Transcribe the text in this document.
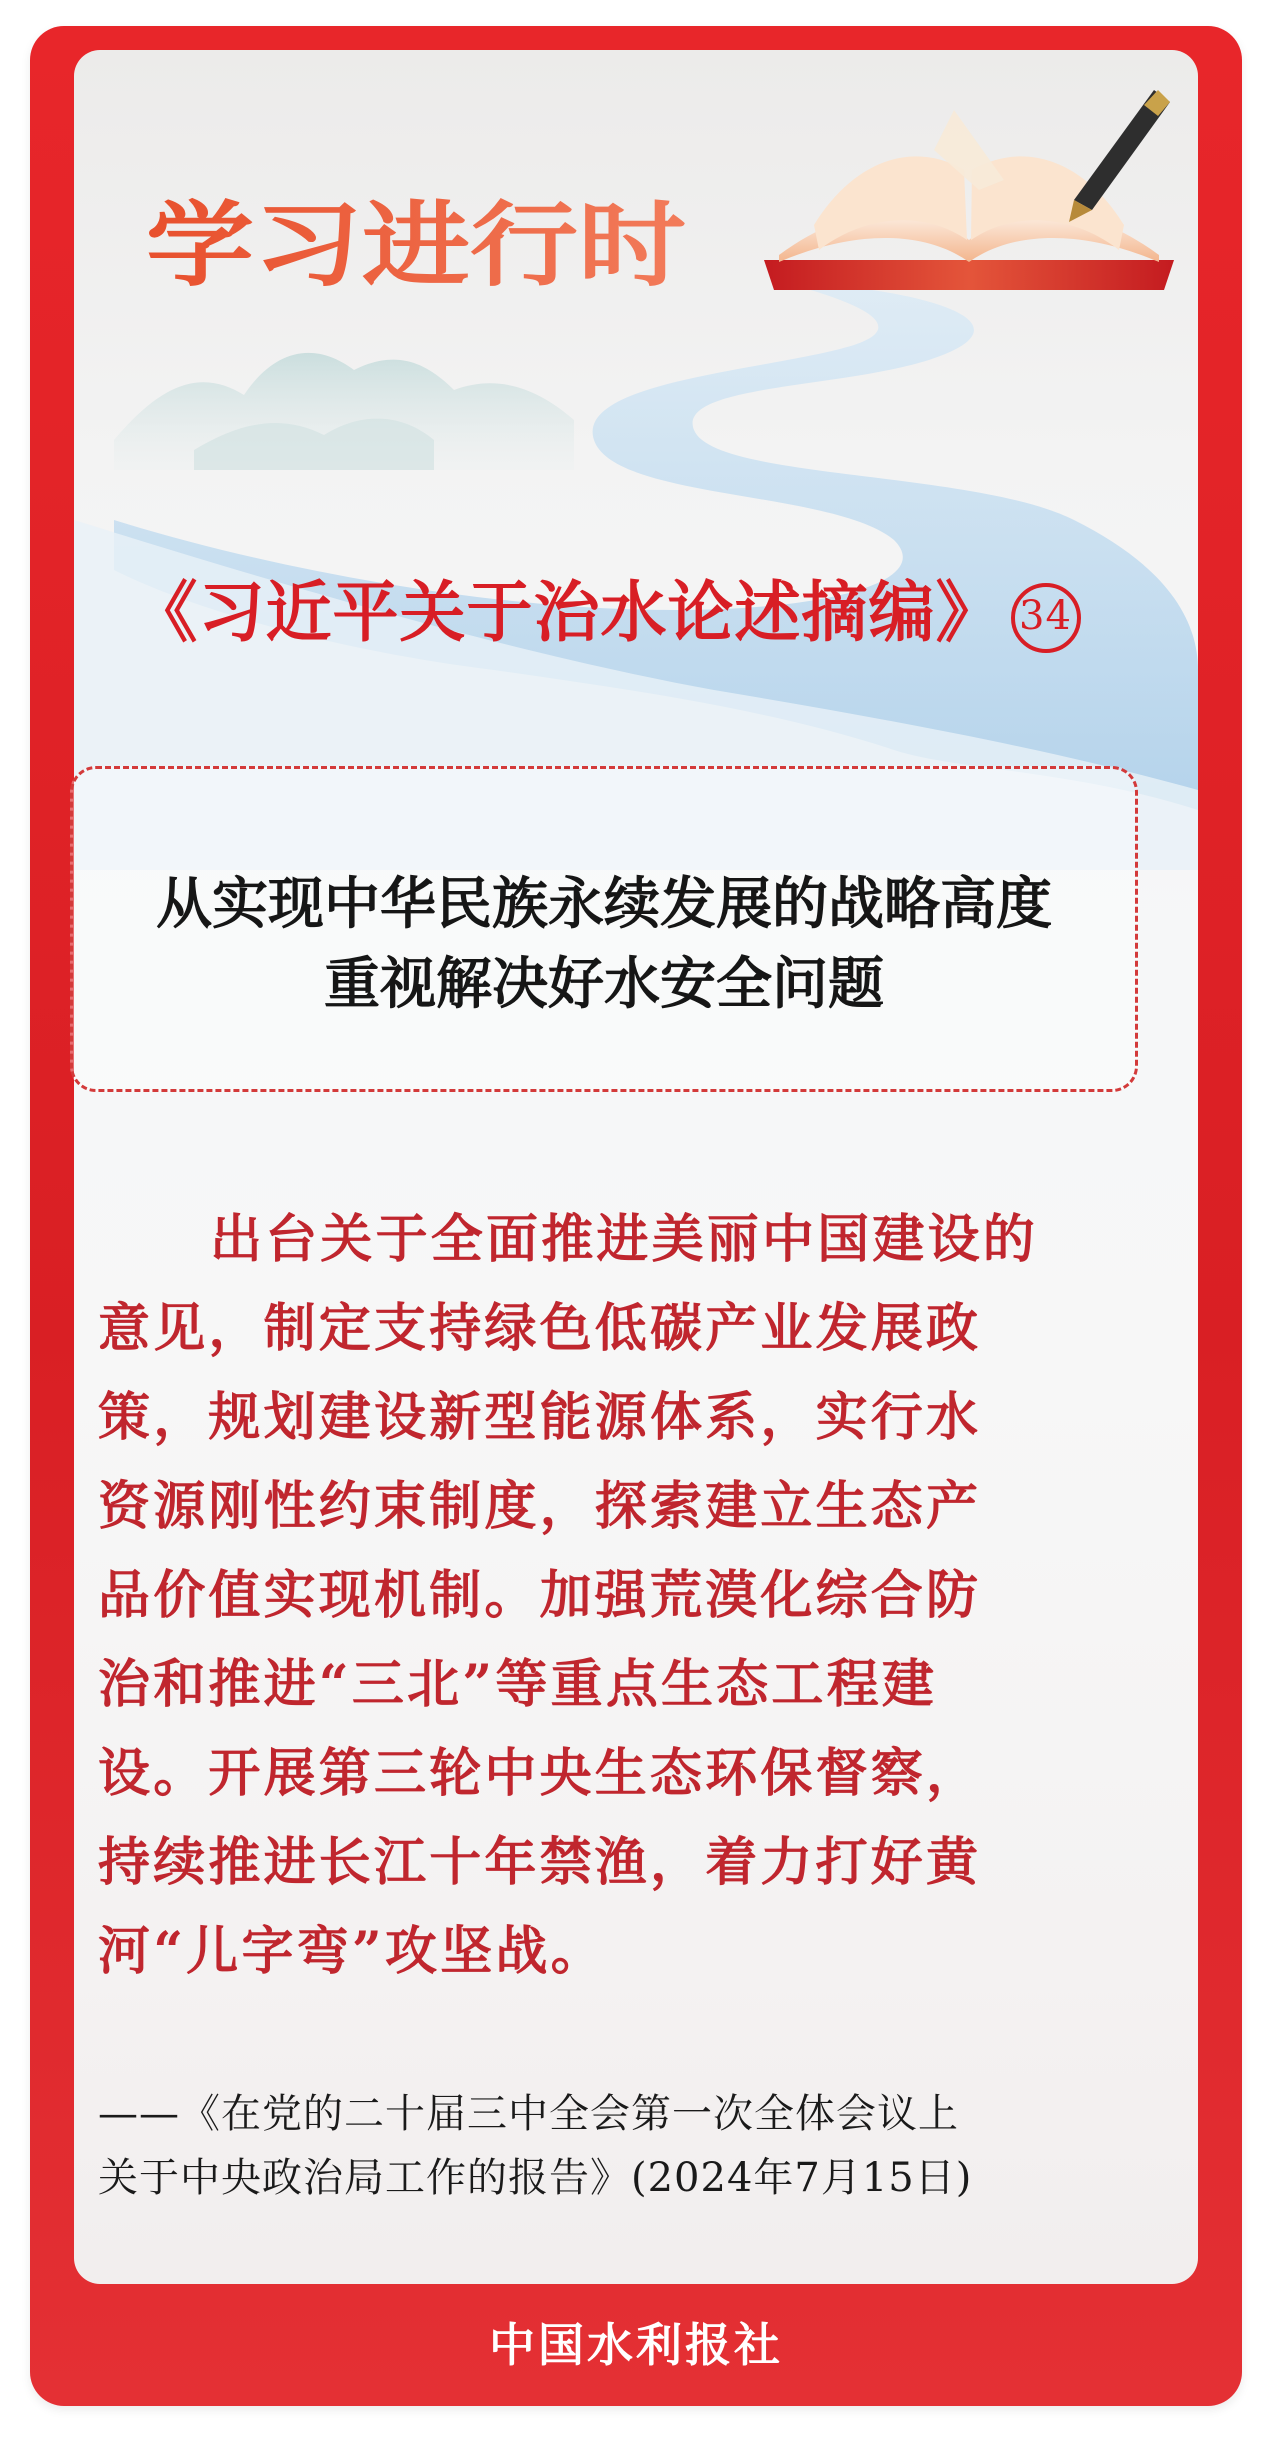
学习进行时
《习近平关于治水论述摘编》 34
从实现中华民族永续发展的战略高度
重视解决好水安全问题
出台关于全面推进美丽中国建设的
意见，制定支持绿色低碳产业发展政
策，规划建设新型能源体系，实行水
资源刚性约束制度，探索建立生态产
品价值实现机制。加强荒漠化综合防
治和推进“三北”等重点生态工程建
设。开展第三轮中央生态环保督察，
持续推进长江十年禁渔，着力打好黄
河“儿字弯”攻坚战。
——《在党的二十届三中全会第一次全体会议上
关于中央政治局工作的报告》(2024年7月15日)
中国水利报社
